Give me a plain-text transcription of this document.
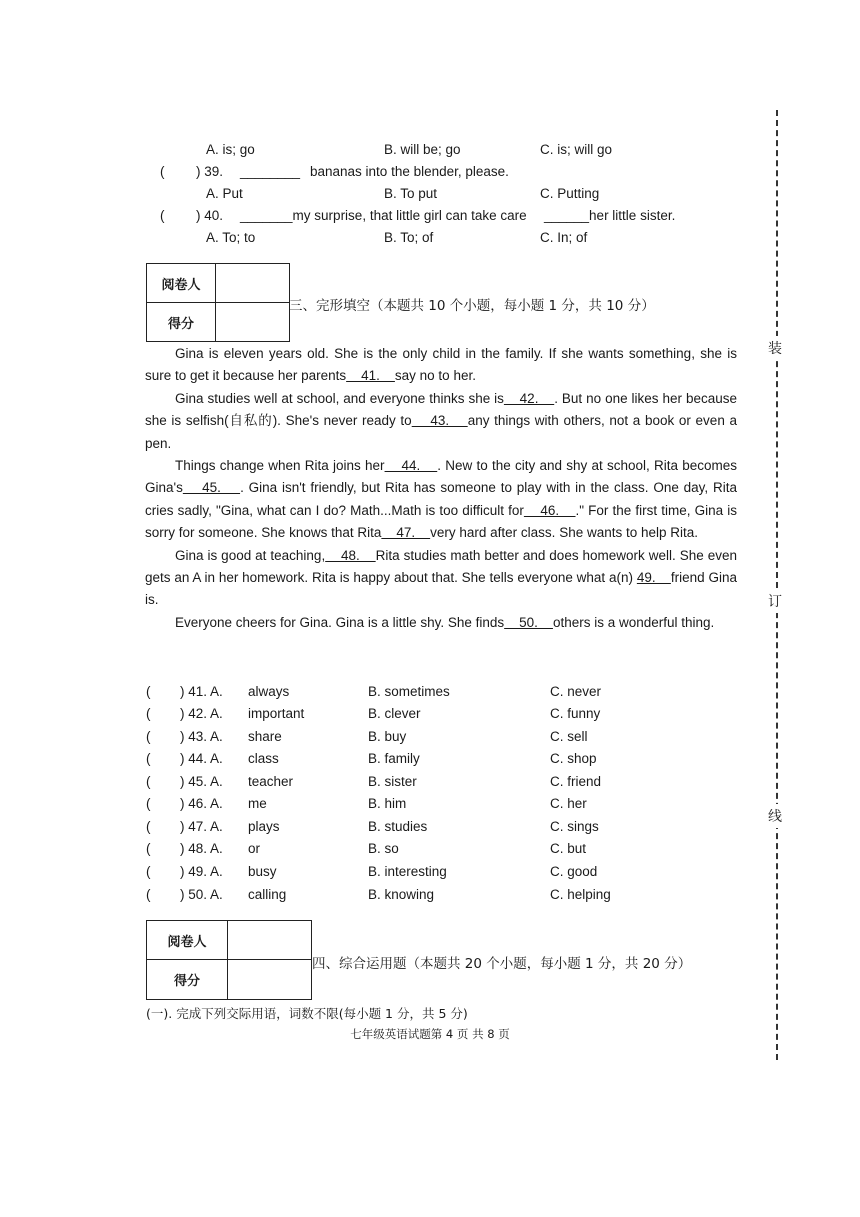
A. is; go	B. will be; go	C. is; will go
( ) 39. ________ bananas into the blender, please.
A. Put	B. To put	C. Putting
( ) 40. _______my surprise, that little girl can take care ______her little sister.
A. To; to	B. To; of	C. In; of
阅卷人
得分
三、完形填空（本题共 10 个小题，每小题 1 分，共 10 分）

Gina is eleven years old. She is the only child in the family. If she wants something, she is sure to get it because her parents    41.    say no to her.

Gina studies well at school, and everyone thinks she is    42.    . But no one likes her because she is selfish(自私的). She's never ready to    43.    any things with others, not a book or even a pen.

Things change when Rita joins her    44.    . New to the city and shy at school, Rita becomes Gina's    45.    . Gina isn't friendly, but Rita has someone to play with in the class. One day, Rita cries sadly, "Gina, what can I do? Math...Math is too difficult for    46.    ." For the first time, Gina is sorry for someone. She knows that Rita    47.    very hard after class. She wants to help Rita.

Gina is good at teaching,    48.    Rita studies math better and does homework well. She even gets an A in her homework. Rita is happy about that. She tells everyone what a(n) 49.    friend Gina is.

Everyone cheers for Gina. Gina is a little shy. She finds    50.    others is a wonderful thing.

( ) 41. A. always	B. sometimes	C. never
( ) 42. A. important	B. clever	C. funny
( ) 43. A. share	B. buy	C. sell
( ) 44. A. class	B. family	C. shop
( ) 45. A. teacher	B. sister	C. friend
( ) 46. A. me	B. him	C. her
( ) 47. A. plays	B. studies	C. sings
( ) 48. A. or	B. so	C. but
( ) 49. A. busy	B. interesting	C. good
( ) 50. A. calling	B. knowing	C. helping
阅卷人
得分
四、综合运用题（本题共 20 个小题，每小题 1 分，共 20 分）
(一). 完成下列交际用语，词数不限(每小题 1 分，共 5 分)
七年级英语试题第 4 页 共 8 页
装
订
线
